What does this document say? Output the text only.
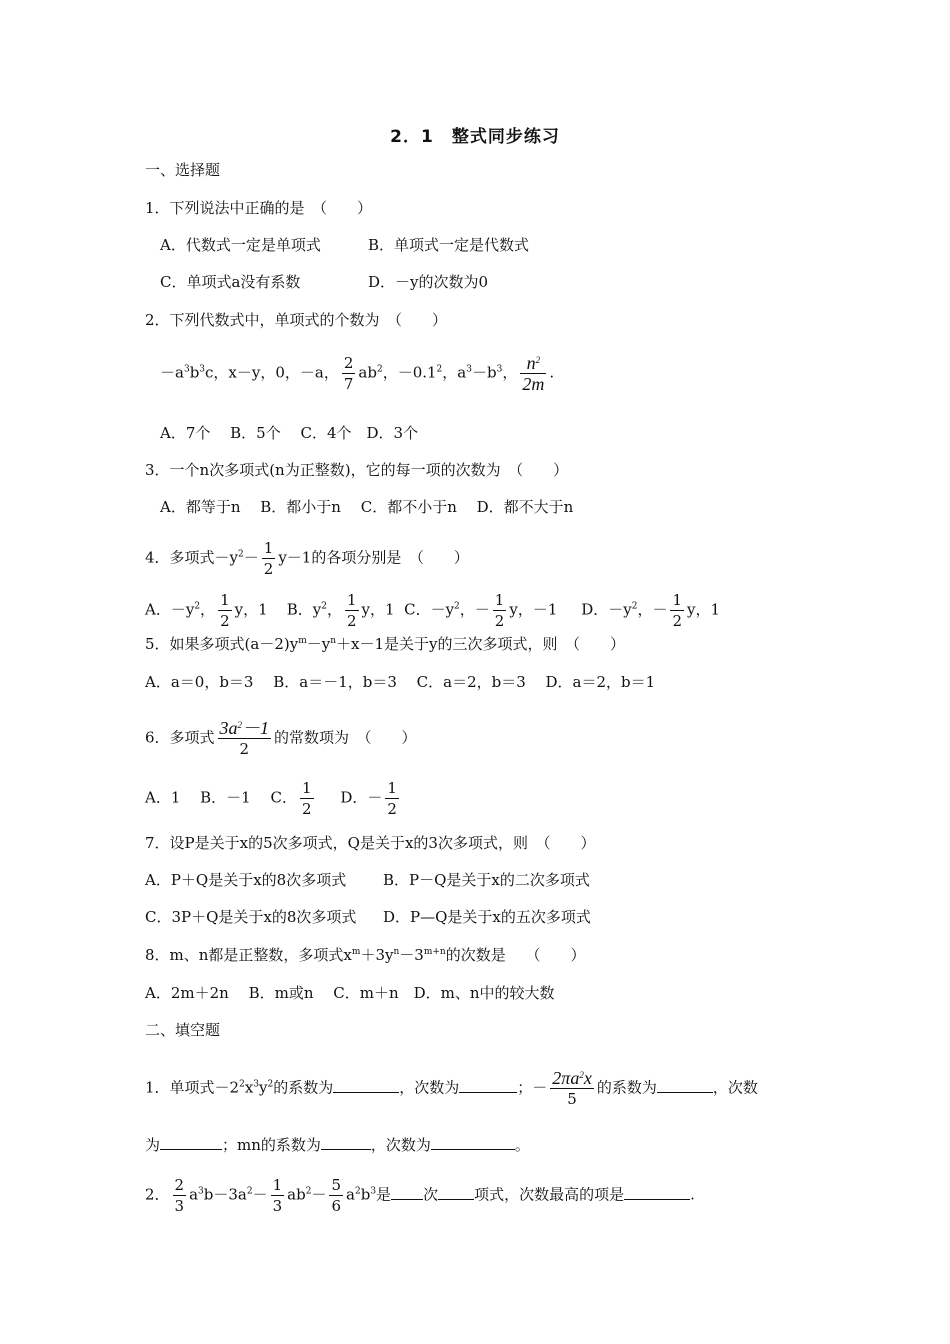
2．1　整式同步练习
一、选择题
1．下列说法中正确的是　（　　）
A．代数式一定是单项式	B．单项式一定是代数式
C．单项式a没有系数	D．－y的次数为0
2．下列代数式中，单项式的个数为　（　　）
$-a^3b^3c$，x－y，0，－a， $\frac{2}{7} ab^2$，$-0.1^2$，$a^3-b^3$， $\frac{n^2}{2m}$ .
A．7个　 B．5个　 C．4个　D．3个
3．一个n次多项式(n为正整数)，它的每一项的次数为　（　　）
A．都等于n　 B．都小于n　 C．都不小于n　 D．都不大于n
4．多项式$-y^2- \frac{1}{2} y-1$的各项分别是　（　　）
A．$-y^2$， $\frac{1}{2}$ y，1 B．$y^2$， $\frac{1}{2}$ y，1 C．$-y^2$，－ $\frac{1}{2}$ y，－1 D．$-y^2$，－ $\frac{1}{2}$ y，1
5．如果多项式$(a-2)y^m-y^n+x-1$是关于y的三次多项式，则　（　　）
A．a＝0，b＝3　 B．a＝－1，b＝3　 C．a＝2，b＝3　 D．a＝2，b＝1
6．多项式 $\frac{3a^2-1}{2}$ 的常数项为　（　　）
A．1　 B．－1　 C． $\frac{1}{2}$ D．－ $\frac{1}{2}$
7．设P是关于x的5次多项式，Q是关于x的3次多项式，则　（　　）
A．P＋Q是关于x的8次多项式 B．P－Q是关于x的二次多项式
C．3P＋Q是关于x的8次多项式 D．P—Q是关于x的五次多项式
8．m、n都是正整数，多项式$x^m+3y^n-3^{m+n}$的次数是　 （　　）
A．2m＋2n　 B．m或n　 C．m＋n　D．m、n中的较大数
二、填空题
1．单项式$-2^2x^3y^2$的系数为	，次数为	；－ $\frac{2\pi a^2x}{5}$ 的系数为	，次数
为	；mn的系数为	，次数为	。
2． $\frac{2}{3} a^3b-3a^2- \frac{1}{3} ab^2- \frac{5}{6} a^2b^3$是 次 项式，次数最高的项是	.
